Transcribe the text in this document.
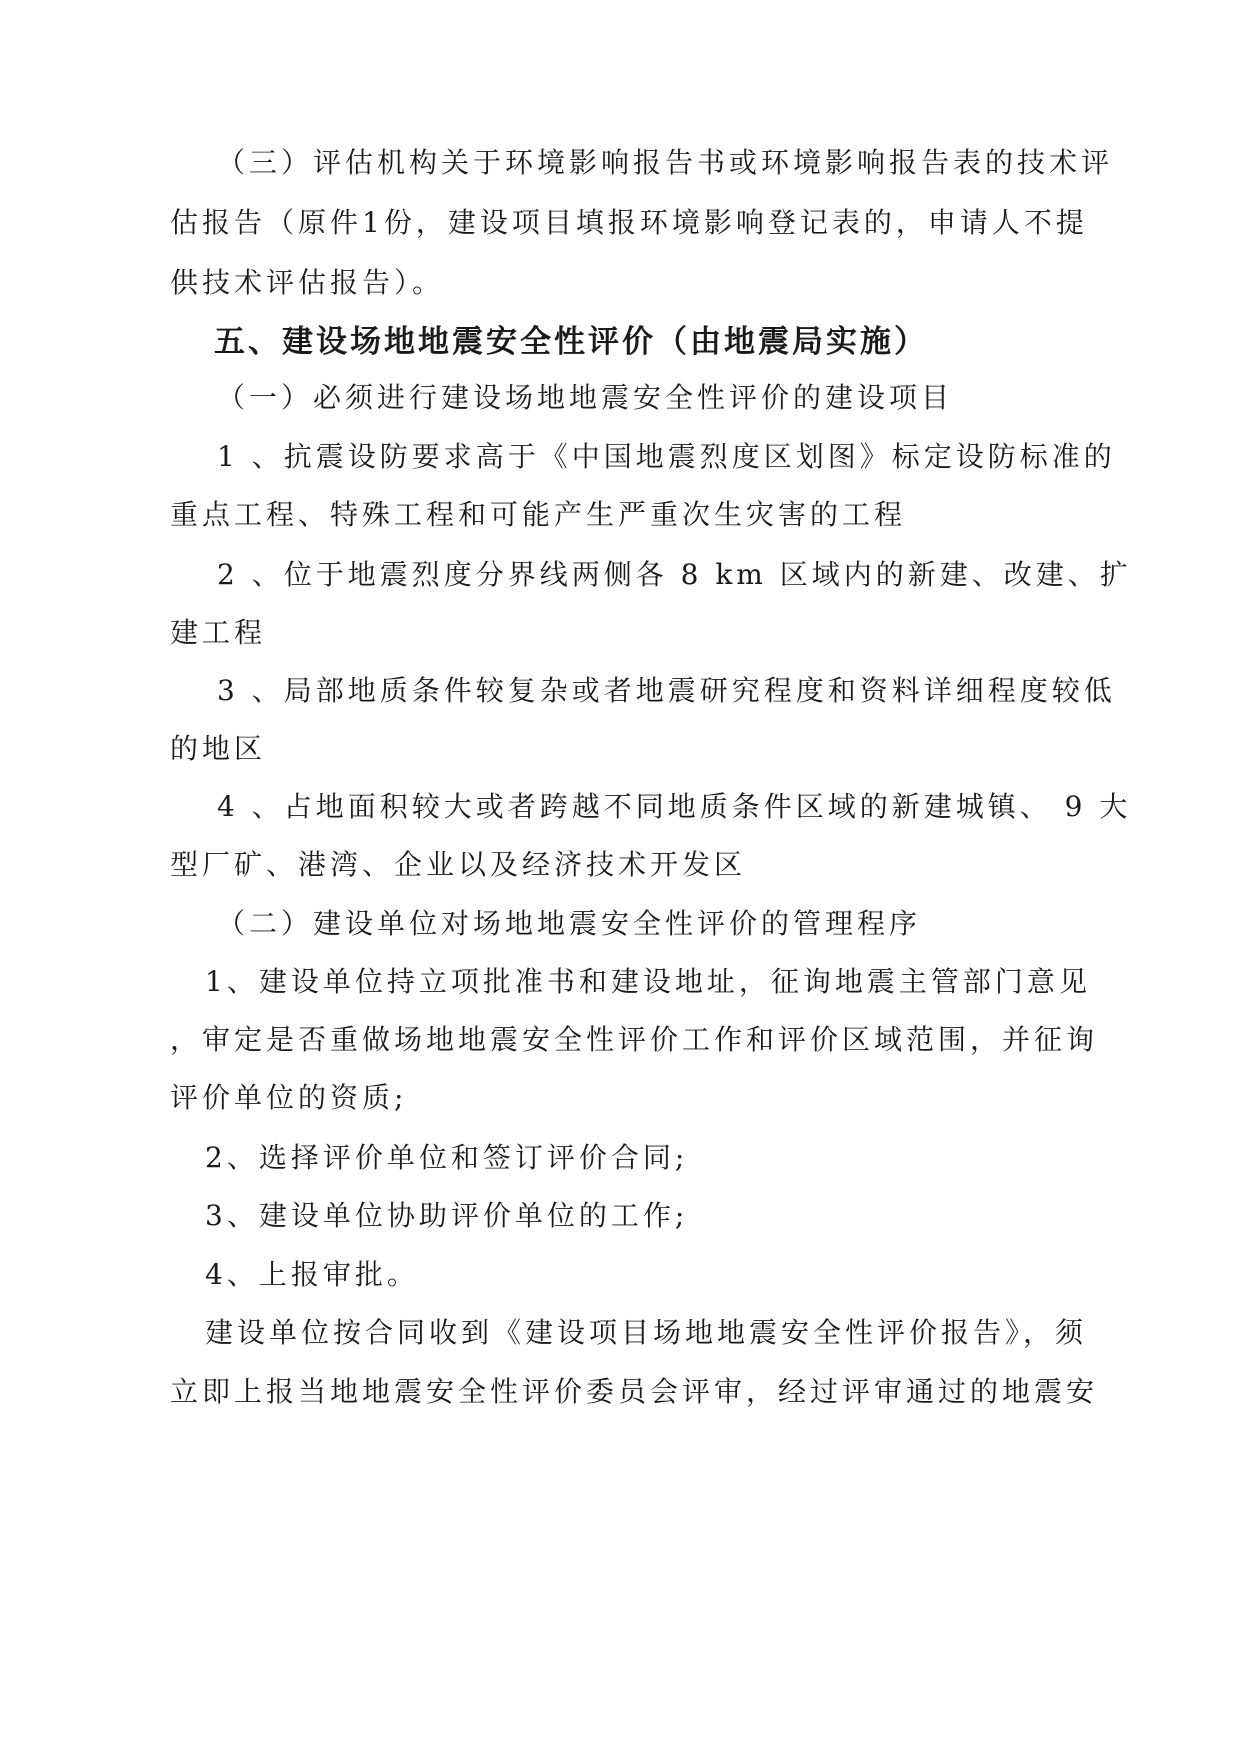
（三）评估机构关于环境影响报告书或环境影响报告表的技术评

估报告（原件1份，建设项目填报环境影响登记表的，申请人不提

供技术评估报告）。

五、建设场地地震安全性评价（由地震局实施）

（一）必须进行建设场地地震安全性评价的建设项目

1 、抗震设防要求高于《中国地震烈度区划图》标定设防标准的

重点工程、特殊工程和可能产生严重次生灾害的工程

2 、位于地震烈度分界线两侧各 8 km 区域内的新建、改建、扩

建工程

3 、局部地质条件较复杂或者地震研究程度和资料详细程度较低

的地区

4 、占地面积较大或者跨越不同地质条件区域的新建城镇、 9 大

型厂矿、港湾、企业以及经济技术开发区

（二）建设单位对场地地震安全性评价的管理程序

1、建设单位持立项批准书和建设地址，征询地震主管部门意见

，审定是否重做场地地震安全性评价工作和评价区域范围，并征询

评价单位的资质;

2、选择评价单位和签订评价合同;

3、建设单位协助评价单位的工作;

4、上报审批。

建设单位按合同收到《建设项目场地地震安全性评价报告》，须

立即上报当地地震安全性评价委员会评审，经过评审通过的地震安
